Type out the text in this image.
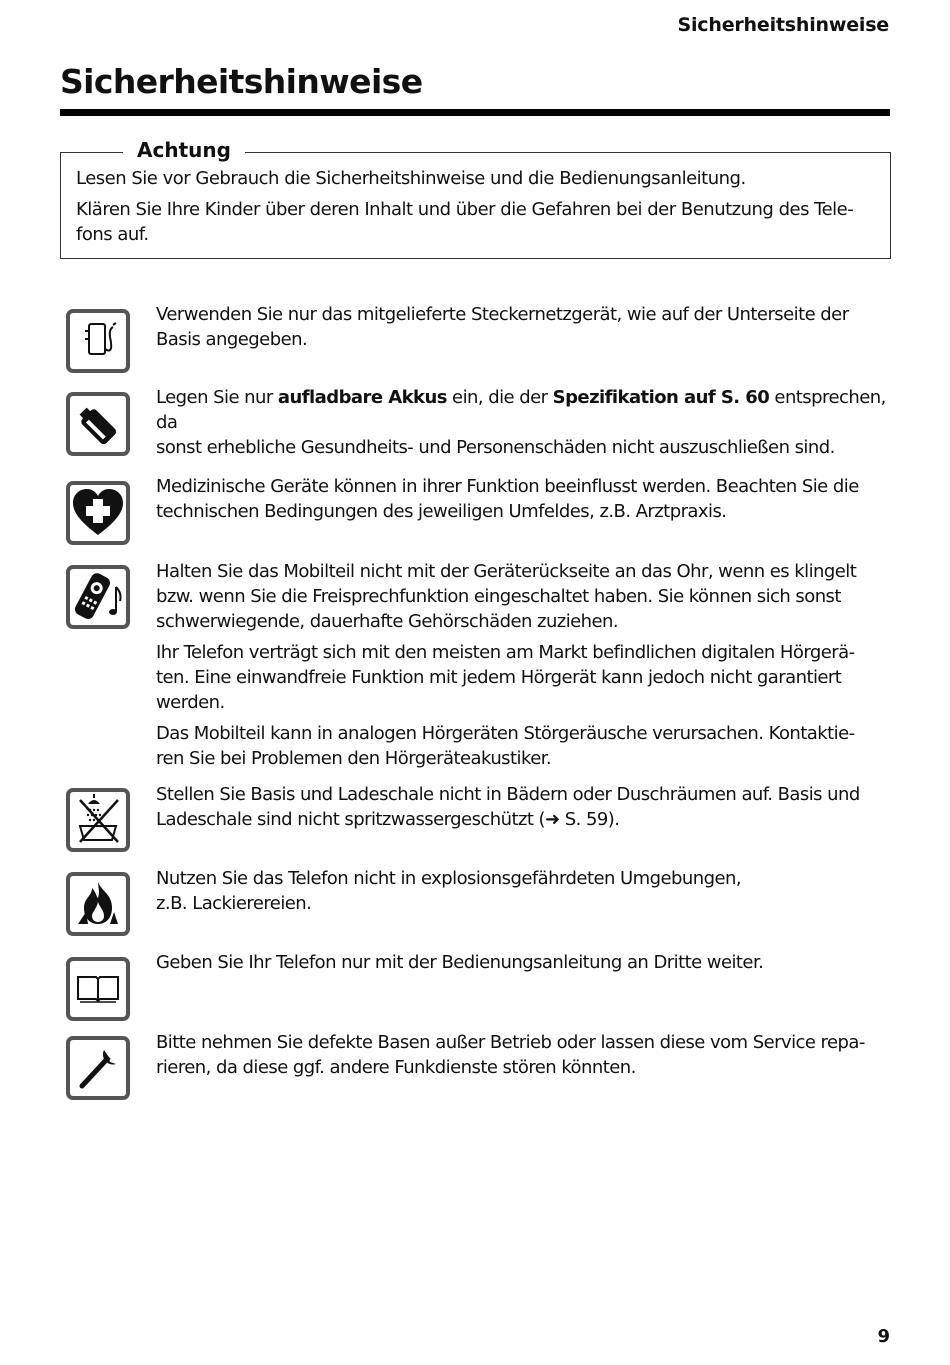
Sicherheitshinweise
Sicherheitshinweise
Achtung
Lesen Sie vor Gebrauch die Sicherheitshinweise und die Bedienungsanleitung.
Klären Sie Ihre Kinder über deren Inhalt und über die Gefahren bei der Benutzung des Tele-
fons auf.
Verwenden Sie nur das mitgelieferte Steckernetzgerät, wie auf der Unterseite der
Basis angegeben.
Legen Sie nur aufladbare Akkus ein, die der Spezifikation auf S. 60 entsprechen, da
sonst erhebliche Gesundheits- und Personenschäden nicht auszuschließen sind.
Medizinische Geräte können in ihrer Funktion beeinflusst werden. Beachten Sie die
technischen Bedingungen des jeweiligen Umfeldes, z.B. Arztpraxis.
Halten Sie das Mobilteil nicht mit der Geräterückseite an das Ohr, wenn es klingelt
bzw. wenn Sie die Freisprechfunktion eingeschaltet haben. Sie können sich sonst
schwerwiegende, dauerhafte Gehörschäden zuziehen.
Ihr Telefon verträgt sich mit den meisten am Markt befindlichen digitalen Hörgerä-
ten. Eine einwandfreie Funktion mit jedem Hörgerät kann jedoch nicht garantiert
werden.
Das Mobilteil kann in analogen Hörgeräten Störgeräusche verursachen. Kontaktie-
ren Sie bei Problemen den Hörgeräteakustiker.
Stellen Sie Basis und Ladeschale nicht in Bädern oder Duschräumen auf. Basis und
Ladeschale sind nicht spritzwassergeschützt (➜ S. 59).
Nutzen Sie das Telefon nicht in explosionsgefährdeten Umgebungen,
z.B. Lackierereien.
Geben Sie Ihr Telefon nur mit der Bedienungsanleitung an Dritte weiter.
Bitte nehmen Sie defekte Basen außer Betrieb oder lassen diese vom Service repa-
rieren, da diese ggf. andere Funkdienste stören könnten.
9
